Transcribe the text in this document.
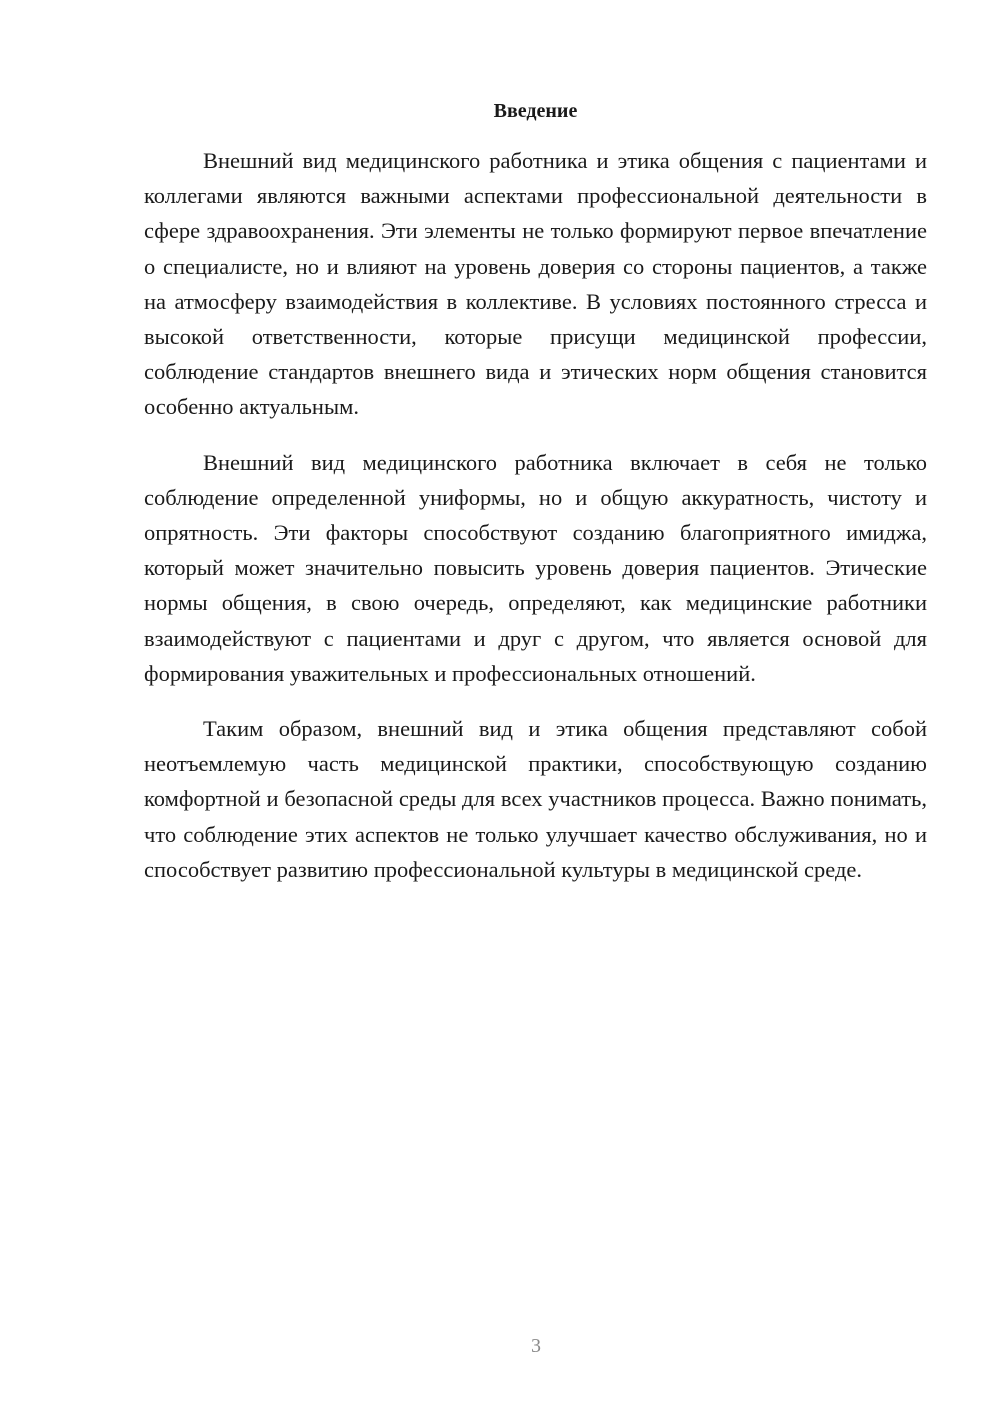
Введение

Внешний вид медицинского работника и этика общения с пациентами и коллегами являются важными аспектами профессиональной деятельности в сфере здравоохранения. Эти элементы не только формируют первое впечатление о специалисте, но и влияют на уровень доверия со стороны пациентов, а также на атмосферу взаимодействия в коллективе. В условиях постоянного стресса и высокой ответственности, которые присущи медицинской профессии, соблюдение стандартов внешнего вида и этических норм общения становится особенно актуальным.

Внешний вид медицинского работника включает в себя не только соблюдение определенной униформы, но и общую аккуратность, чистоту и опрятность. Эти факторы способствуют созданию благоприятного имиджа, который может значительно повысить уровень доверия пациентов. Этические нормы общения, в свою очередь, определяют, как медицинские работники взаимодействуют с пациентами и друг с другом, что является основой для формирования уважительных и профессиональных отношений.

Таким образом, внешний вид и этика общения представляют собой неотъемлемую часть медицинской практики, способствующую созданию комфортной и безопасной среды для всех участников процесса. Важно понимать, что соблюдение этих аспектов не только улучшает качество обслуживания, но и способствует развитию профессиональной культуры в медицинской среде.

3
